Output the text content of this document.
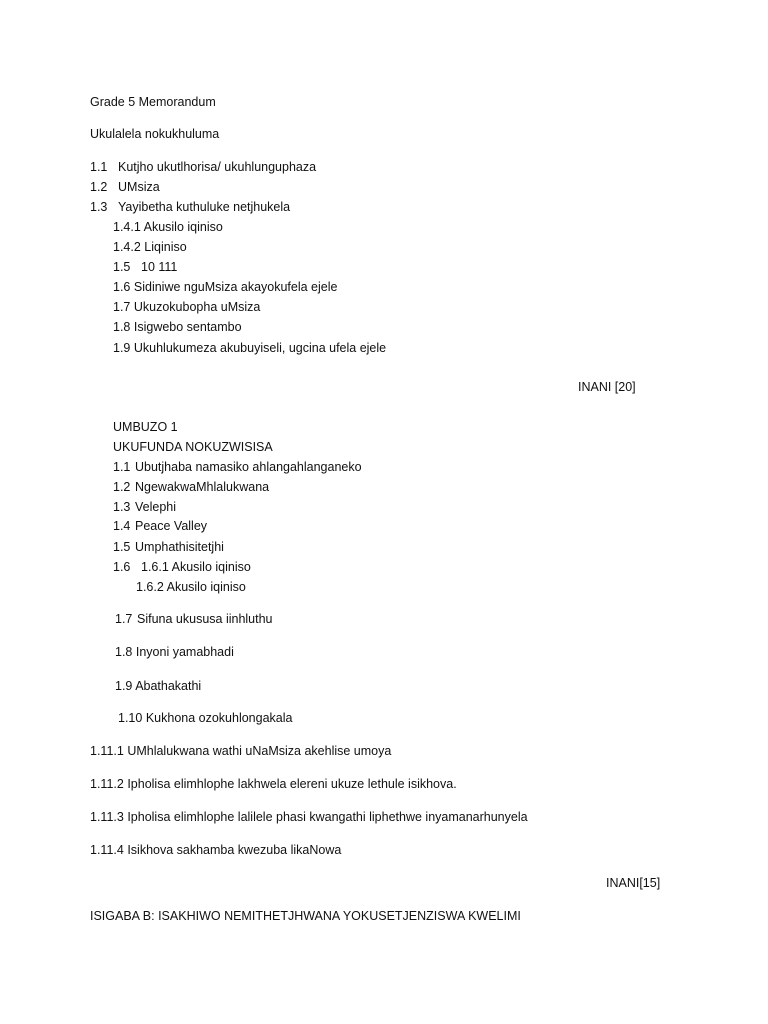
Grade 5 Memorandum
Ukulalela nokukhuluma
1.1 Kutjho ukutlhorisa/ ukuhlunguphaza
1.2 UMsiza
1.3 Yayibetha kuthuluke netjhukela
1.4.1 Akusilo iqiniso
1.4.2 Liqiniso
1.5 10 111
1.6 Sidiniwe nguMsiza akayokufela ejele
1.7 Ukuzokubopha uMsiza
1.8 Isigwebo sentambo
1.9 Ukuhlukumeza akubuyiseli, ugcina ufela ejele
INANI [20]
UMBUZO 1
UKUFUNDA NOKUZWISISA
1.1 Ubutjhaba namasiko ahlangahlanganeko
1.2 NgewakwaMhlalukwana
1.3 Velephi
1.4 Peace Valley
1.5 Umphathisitetjhi
1.6 1.6.1 Akusilo iqiniso
1.6.2 Akusilo iqiniso
1.7 Sifuna ukususa iinhluthu
1.8 Inyoni yamabhadi
1.9 Abathakathi
1.10 Kukhona ozokuhlongakala
1.11.1 UMhlalukwana wathi uNaMsiza akehlise umoya
1.11.2 Ipholisa elimhlophe lakhwela elereni ukuze lethule isikhova.
1.11.3 Ipholisa elimhlophe lalilele phasi kwangathi liphethwe inyamanarhunyela
1.11.4 Isikhova sakhamba kwezuba likaNowa
INANI[15]
ISIGABA B: ISAKHIWO NEMITHETJHWANA YOKUSETJENZISWA KWELIMI
